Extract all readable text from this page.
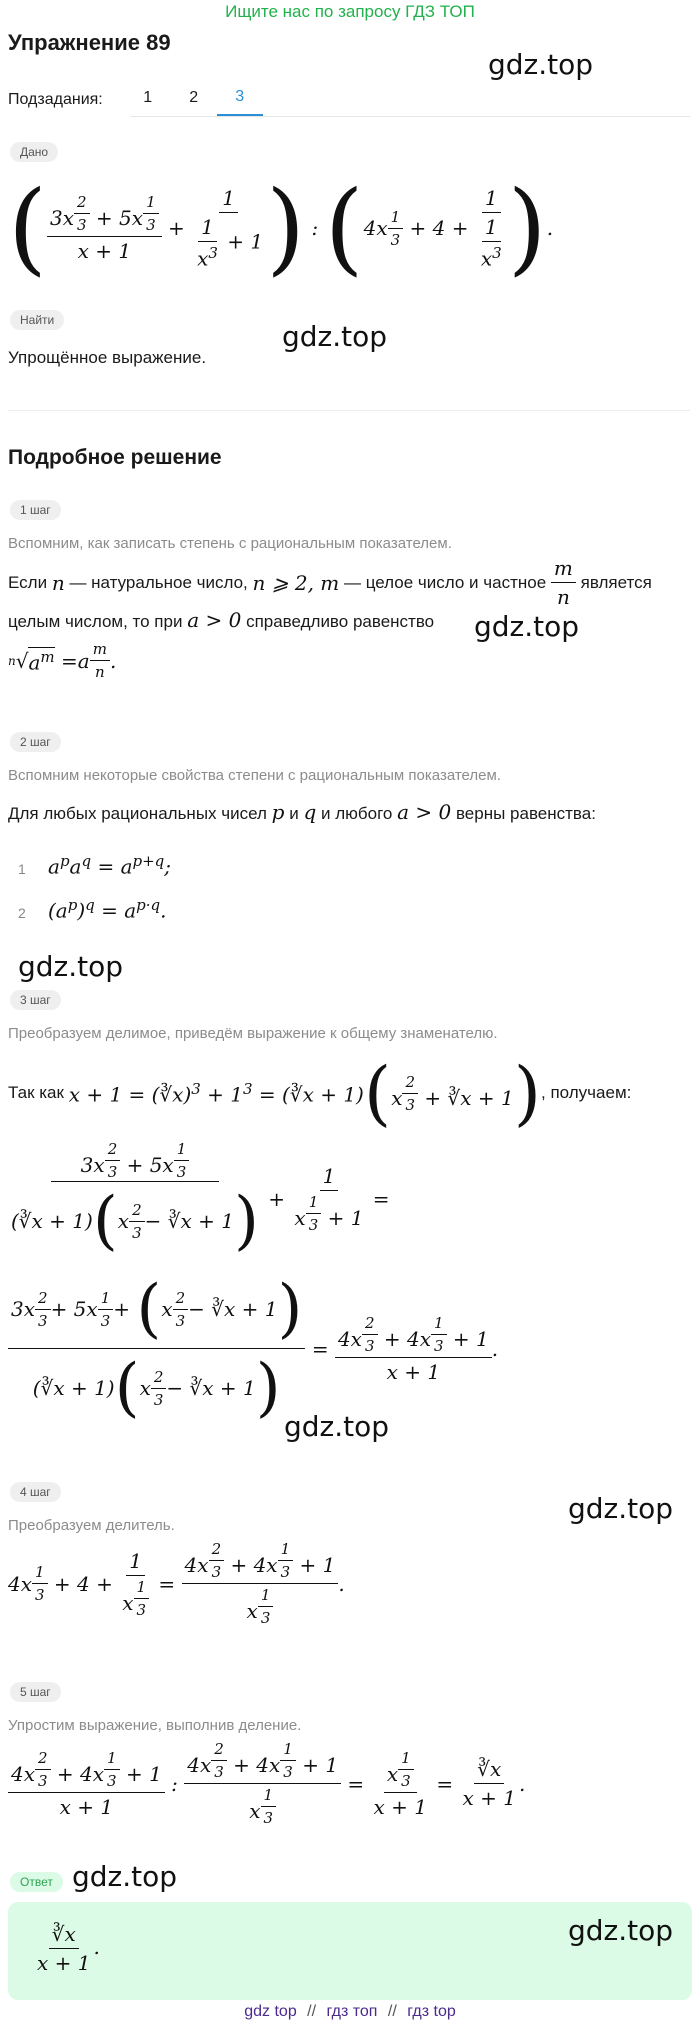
Ищите нас по запросу ГДЗ ТОП
Упражнение 89
gdz.top
Подзадания:	1	2	3
Дано
( 3x $^{\frac{2}{3}}$ + 5x $^{\frac{1}{3}}$
x + 1
+
1
$\frac{1}{x^3} + 1$ ) : ( 4 x $\frac{1}{3} + 4$ +
1
$\frac{1}{x^3}$ ) .
Найти
Упрощённое выражение.
gdz.top
Подробное решение
1 шаг
Вспомним, как записать степень с рациональным показателем.
Если
n
— натуральное число,
n ⩾ 2, m
— целое число и частное

m
n

является
целым числом, то при a > 0 справедливо равенство gdz.top
n √ $a^m = a \frac{m}{n}$ .
2 шаг
Вспомним некоторые свойства степени с рациональным показателем.
Для любых рациональных чисел p и q и любого a > 0 верны равенства:
1 $a^pa^q = a^{p+q}$;
2 $(a^p)^q = a^{p\cdot q}$.
gdz.top
3 шаг
Преобразуем делимое, приведём выражение к общему знаменателю.
Так как
x + 1 = (∛x)$^3$ + $1^3$ = (∛x + 1) ( x $^{\frac{2}{3}}$ + ∛x + 1 ) , получаем:
3x $^{\frac{2}{3}}$ + 5x $^{\frac{1}{3}}$
(∛x + 1) ( x $\frac{2}{3}$ − ∛x + 1 ) +
1
x $^{\frac{1}{3}}$ + 1
=
$3x \frac{2}{3} + 5x \frac{1}{3}$ + ( x $\frac{2}{3}$ − ∛x + 1 )
(∛x + 1) ( x $\frac{2}{3}$ − ∛x + 1 )
= 4x $^{\frac{2}{3}}$ + 4x $^{\frac{1}{3}}$ + 1
x + 1
.
gdz.top
4 шаг	gdz.top
Преобразуем делитель.
$4x \frac{1}{3} + 4$ +
1
x $^{\frac{1}{3}}$ =
4x $^{\frac{2}{3}}$ + 4x $^{\frac{1}{3}}$ + 1
x $^{\frac{1}{3}}$
.
5 шаг
Упростим выражение, выполнив деление.
4x $^{\frac{2}{3}}$ + 4x $^{\frac{1}{3}}$ + 1
x + 1
:
4x $^{\frac{2}{3}}$ + 4x $^{\frac{1}{3}}$ + 1
x $^{\frac{1}{3}}$
= x $^{\frac{1}{3}}$
x + 1
=
∛x
x + 1
.
Ответ gdz.top
$\frac{∛x}{x + 1}$ .	gdz.top
gdz top // гдз топ // гдз top
